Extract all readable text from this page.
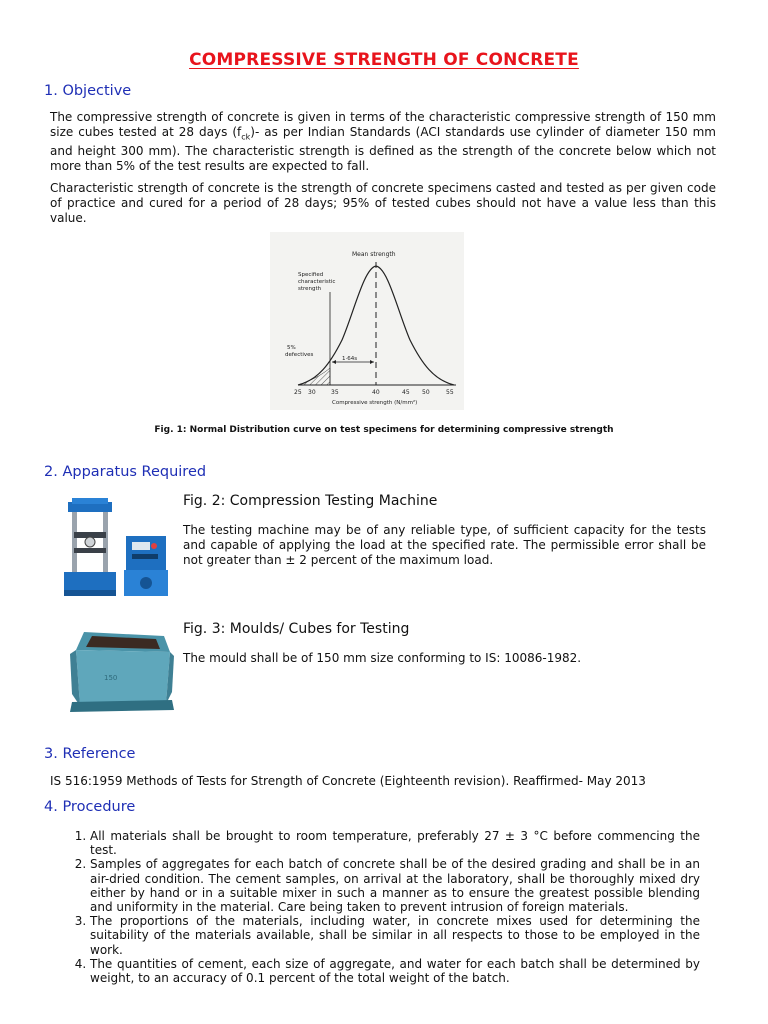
COMPRESSIVE STRENGTH OF CONCRETE
1. Objective
The compressive strength of concrete is given in terms of the characteristic compressive strength of 150 mm size cubes tested at 28 days $(f_{ck})-$ as per Indian Standards (ACI standards use cylinder of diameter 150 mm and height 300 mm). The characteristic strength is defined as the strength of the concrete below which not more than 5% of the test results are expected to fall.
Characteristic strength of concrete is the strength of concrete specimens casted and tested as per given code of practice and cured for a period of 28 days; 95% of tested cubes should not have a value less than this value.
Mean strength
Specified
characteristic
strength
5%
defectives
1·64s
25 30	35	40	45 50	55
Compressive strength (N/mm²)
Fig. 1: Normal Distribution curve on test specimens for determining compressive strength
2. Apparatus Required
Fig. 2: Compression Testing Machine
The testing machine may be of any reliable type, of sufficient capacity for the tests and capable of applying the load at the specified rate. The permissible error shall be not greater than ± 2 percent of the maximum load.
150
Fig. 3: Moulds/ Cubes for Testing
The mould shall be of 150 mm size conforming to IS: 10086-1982.
3. Reference
IS 516:1959 Methods of Tests for Strength of Concrete (Eighteenth revision). Reaffirmed- May 2013
4. Procedure
1. All materials shall be brought to room temperature, preferably 27 ± 3 °C before commencing the test.
2. Samples of aggregates for each batch of concrete shall be of the desired grading and shall be in an air-dried condition. The cement samples, on arrival at the laboratory, shall be thoroughly mixed dry either by hand or in a suitable mixer in such a manner as to ensure the greatest possible blending and uniformity in the material. Care being taken to prevent intrusion of foreign materials.
3. The proportions of the materials, including water, in concrete mixes used for determining the suitability of the materials available, shall be similar in all respects to those to be employed in the work.
4. The quantities of cement, each size of aggregate, and water for each batch shall be determined by weight, to an accuracy of 0.1 percent of the total weight of the batch.
